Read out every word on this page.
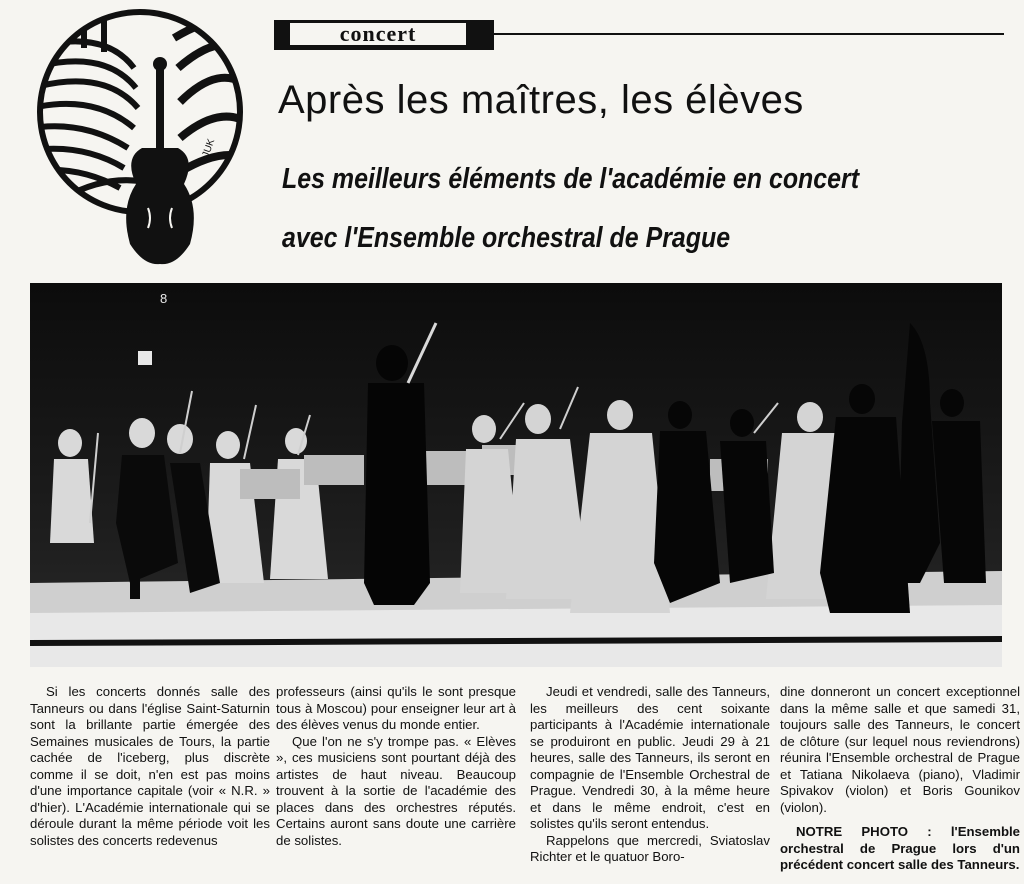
JUK
concert
Après les maîtres, les élèves
Les meilleurs éléments de l'académie en concert avec l'Ensemble orchestral de Prague
8

Si les concerts donnés salle des Tanneurs ou dans l'église Saint-Saturnin sont la brillante partie émergée des Semaines musicales de Tours, la partie cachée de l'iceberg, plus discrète comme il se doit, n'en est pas moins d'une importance capitale (voir « N.R. » d'hier). L'Académie internationale qui se déroule durant la même période voit les solistes des concerts redevenus

professeurs (ainsi qu'ils le sont presque tous à Moscou) pour enseigner leur art à des élèves venus du monde entier.

Que l'on ne s'y trompe pas. « Elèves », ces musiciens sont pourtant déjà des artistes de haut niveau. Beaucoup trouvent à la sortie de l'académie des places dans des orchestres réputés. Certains auront sans doute une carrière de solistes.

Jeudi et vendredi, salle des Tanneurs, les meilleurs des cent soixante participants à l'Académie internationale se produiront en public. Jeudi 29 à 21 heures, salle des Tanneurs, ils seront en compagnie de l'Ensemble Orchestral de Prague. Vendredi 30, à la même heure et dans le même endroit, c'est en solistes qu'ils seront entendus.

Rappelons que mercredi, Sviatoslav Richter et le quatuor Boro-

dine donneront un concert exceptionnel dans la même salle et que samedi 31, toujours salle des Tanneurs, le concert de clôture (sur lequel nous reviendrons) réunira l'Ensemble orchestral de Prague et Tatiana Nikolaeva (piano), Vladimir Spivakov (violon) et Boris Gounikov (violon).

NOTRE PHOTO : l'Ensemble orchestral de Prague lors d'un précédent concert salle des Tanneurs.
